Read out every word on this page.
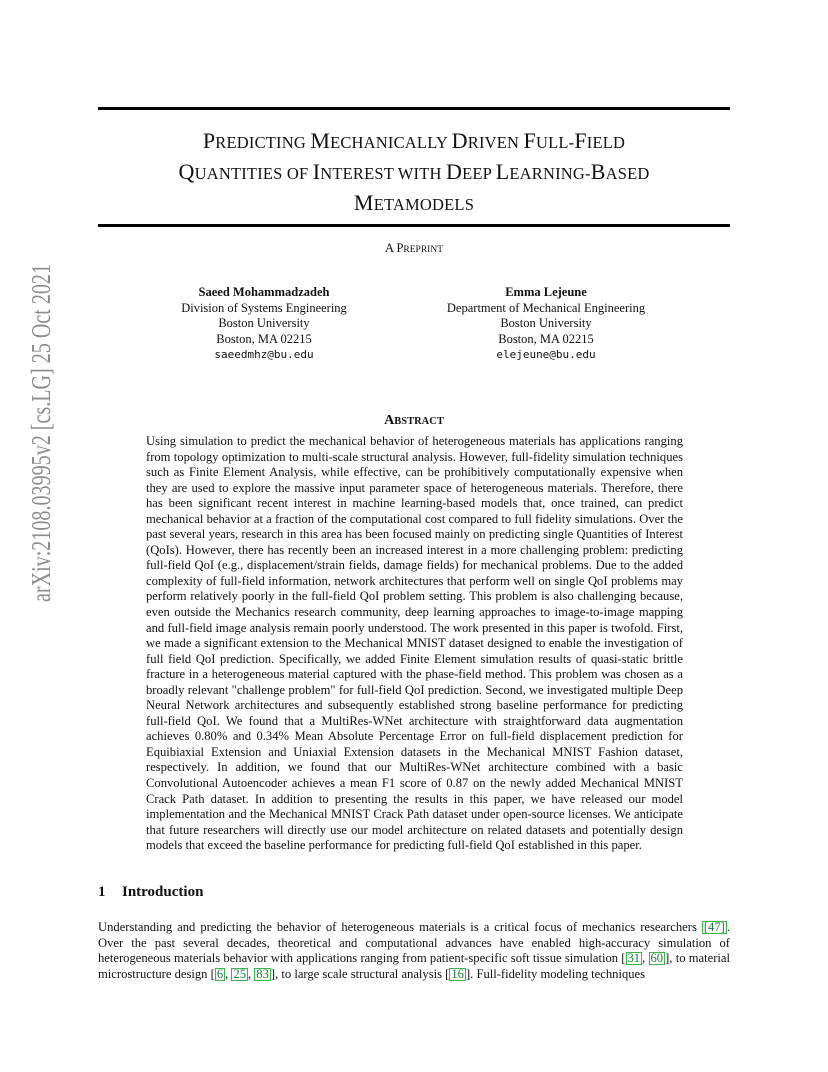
arXiv:2108.03995v2 [cs.LG] 25 Oct 2021	PREDICTING MECHANICALLY DRIVEN FULL-FIELD
QUANTITIES OF INTEREST WITH DEEP LEARNING-BASED
METAMODELS
A PREPRINT
Saeed Mohammadzadeh
Division of Systems Engineering
Boston University
Boston, MA 02215
saeedmhz@bu.edu
Emma Lejeune
Department of Mechanical Engineering
Boston University
Boston, MA 02215
elejeune@bu.edu
ABSTRACT

Using simulation to predict the mechanical behavior of heterogeneous materials has applications ranging from topology optimization to multi-scale structural analysis. However, full-fidelity simulation techniques such as Finite Element Analysis, while effective, can be prohibitively computationally expensive when they are used to explore the massive input parameter space of heterogeneous materials. Therefore, there has been significant recent interest in machine learning-based models that, once trained, can predict mechanical behavior at a fraction of the computational cost compared to full fidelity simulations. Over the past several years, research in this area has been focused mainly on predicting single Quantities of Interest (QoIs). However, there has recently been an increased interest in a more challenging problem: predicting full-field QoI (e.g., displacement/strain fields, damage fields) for mechanical problems. Due to the added complexity of full-field information, network architectures that perform well on single QoI problems may perform relatively poorly in the full-field QoI problem setting. This problem is also challenging because, even outside the Mechanics research community, deep learning approaches to image-to-image mapping and full-field image analysis remain poorly understood. The work presented in this paper is twofold. First, we made a significant extension to the Mechanical MNIST dataset designed to enable the investigation of full field QoI prediction. Specifically, we added Finite Element simulation results of quasi-static brittle fracture in a heterogeneous material captured with the phase-field method. This problem was chosen as a broadly relevant "challenge problem" for full-field QoI prediction. Second, we investigated multiple Deep Neural Network architectures and subsequently established strong baseline performance for predicting full-field QoI. We found that a MultiRes-WNet architecture with straightforward data augmentation achieves 0.80% and 0.34% Mean Absolute Percentage Error on full-field displacement prediction for Equibiaxial Extension and Uniaxial Extension datasets in the Mechanical MNIST Fashion dataset, respectively. In addition, we found that our MultiRes-WNet architecture combined with a basic Convolutional Autoencoder achieves a mean F1 score of 0.87 on the newly added Mechanical MNIST Crack Path dataset. In addition to presenting the results in this paper, we have released our model implementation and the Mechanical MNIST Crack Path dataset under open-source licenses. We anticipate that future researchers will directly use our model architecture on related datasets and potentially design models that exceed the baseline performance for predicting full-field QoI established in this paper.

1 Introduction

Understanding and predicting the behavior of heterogeneous materials is a critical focus of mechanics researchers [47] . Over the past several decades, theoretical and computational advances have enabled high-accuracy simulation of heterogeneous materials behavior with applications ranging from patient-specific soft tissue simulation [ 31 , 60 ], to material microstructure design [ 6 , 25 , 83 ], to large scale structural analysis [ 16 ]. Full-fidelity modeling techniques
